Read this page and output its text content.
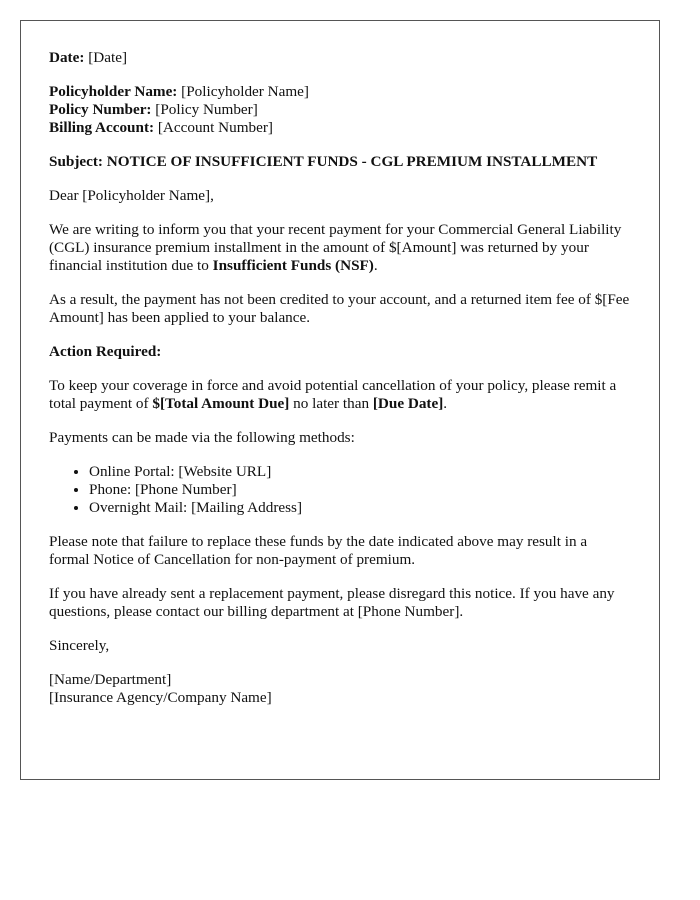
Date: [Date]

Policyholder Name: [Policyholder Name]
Policy Number: [Policy Number]
Billing Account: [Account Number]

Subject: NOTICE OF INSUFFICIENT FUNDS - CGL PREMIUM INSTALLMENT

Dear [Policyholder Name],

We are writing to inform you that your recent payment for your Commercial General Liability (CGL) insurance premium installment in the amount of $[Amount] was returned by your financial institution due to Insufficient Funds (NSF).

As a result, the payment has not been credited to your account, and a returned item fee of $[Fee Amount] has been applied to your balance.

Action Required:

To keep your coverage in force and avoid potential cancellation of your policy, please remit a total payment of $[Total Amount Due] no later than [Due Date].

Payments can be made via the following methods:

• Online Portal: [Website URL]
• Phone: [Phone Number]
• Overnight Mail: [Mailing Address]

Please note that failure to replace these funds by the date indicated above may result in a formal Notice of Cancellation for non-payment of premium.

If you have already sent a replacement payment, please disregard this notice. If you have any questions, please contact our billing department at [Phone Number].

Sincerely,

[Name/Department]
[Insurance Agency/Company Name]
